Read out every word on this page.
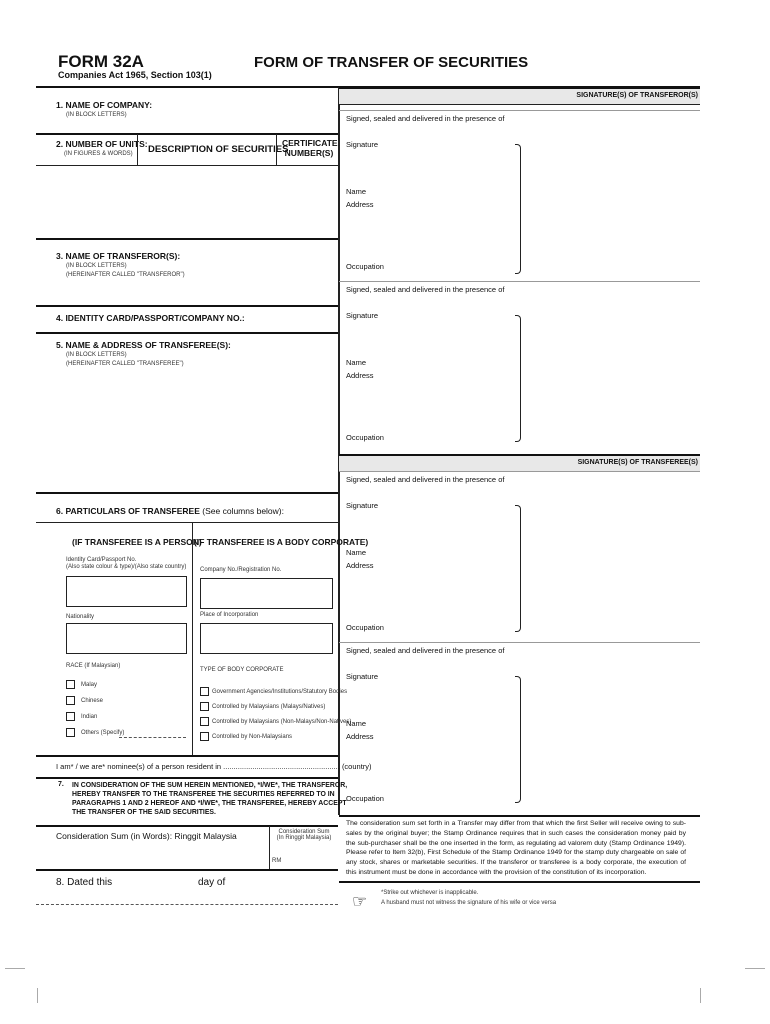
FORM 32A
Companies Act 1965, Section 103(1)
FORM OF TRANSFER OF SECURITIES
1. NAME OF COMPANY:
(IN BLOCK LETTERS)
2. NUMBER OF UNITS:
(IN FIGURES & WORDS) DESCRIPTION OF SECURITIES
CERTIFICATE
NUMBER(S)
3. NAME OF TRANSFEROR(S):
(IN BLOCK LETTERS)
(HEREINAFTER CALLED "TRANSFEROR")
4. IDENTITY CARD/PASSPORT/COMPANY NO.:
5. NAME & ADDRESS OF TRANSFEREE(S):
(IN BLOCK LETTERS)
(HEREINAFTER CALLED "TRANSFEREE")
6. PARTICULARS OF TRANSFEREE (See columns below):
(IF TRANSFEREE IS A PERSON)
(IF TRANSFEREE IS A BODY CORPORATE)
Identity Card/Passport No.
(Also state colour & type)/(Also state country)
Nationality
Company No./Registration No.
Place of Incorporation
RACE (If Malaysian)
Malay
Chinese
Indian
Others (Specify)
TYPE OF BODY CORPORATE
Government Agencies/Institutions/Statutory Bodies
Controlled by Malaysians (Malays/Natives)
Controlled by Malaysians (Non-Malays/Non-Natives)
Controlled by Non-Malaysians
I am* / we are* nominee(s) of a person resident in ........................................................ (country)
7. IN CONSIDERATION OF THE SUM HEREIN MENTIONED, *I/WE*, THE TRANSFEROR,
HEREBY TRANSFER TO THE TRANSFEREE THE SECURITIES REFERRED TO IN
PARAGRAPHS 1 AND 2 HEREOF AND *I/WE*, THE TRANSFEREE, HEREBY ACCEPT
THE TRANSFER OF THE SAID SECURITIES.
Consideration Sum (in Words): Ringgit Malaysia	Consideration Sum
(In Ringgit Malaysia)
RM
8. Dated this	day of
SIGNATURE(S) OF TRANSFEROR(S)
SIGNATURE(S) OF TRANSFEREE(S)
Signed, sealed and delivered in the presence of
Signature
Name
Address
Occupation
Signed, sealed and delivered in the presence of
Signature
Name
Address
Occupation
Signed, sealed and delivered in the presence of
Signature
Name
Address
Occupation
Signed, sealed and delivered in the presence of
Signature
Name
Address
Occupation
The consideration sum set forth in a Transfer may differ from that which the first Seller will receive owing to sub-sales by the original buyer; the Stamp Ordinance requires that in such cases the consideration money paid by the sub-purchaser shall be the one inserted in the form, as regulating ad valorem duty (Stamp Ordinance 1949). Please refer to Item 32(b), First Schedule of the Stamp Ordinance 1949 for the stamp duty chargeable on sale of any stock, shares or marketable securities. If the transferor or transferee is a body corporate, the execution of this instrument must be done in accordance with the provision of the constitution of its incorporation.
☞ *Strike out whichever is inapplicable.
A husband must not witness the signature of his wife or vice versa
